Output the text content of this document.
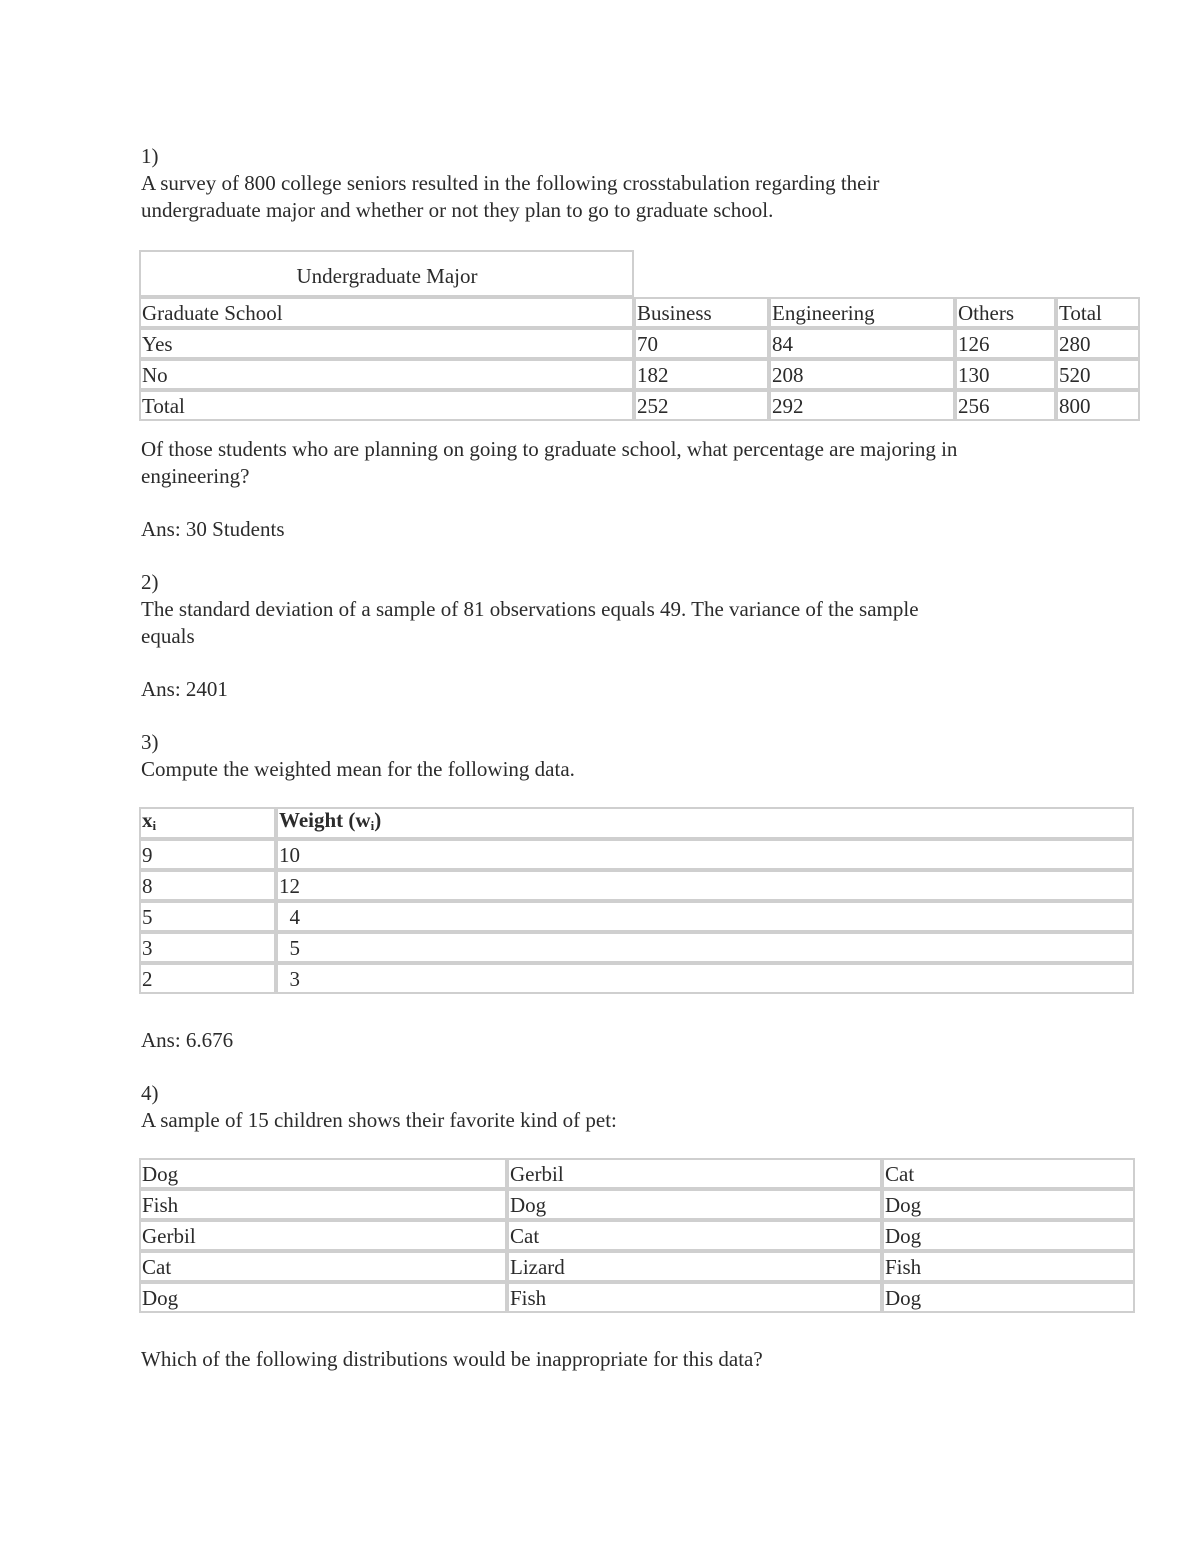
1)

A survey of 800 college seniors resulted in the following crosstabulation regarding their

undergraduate major and whether or not they plan to go to graduate school.

Undergraduate Major				
Graduate School	Business	Engineering	Others	Total
Yes	70	84	126	280
No	182	208	130	520
Total	252	292	256	800

Of those students who are planning on going to graduate school, what percentage are majoring in

engineering?

Ans: 30 Students

2)

The standard deviation of a sample of 81 observations equals 49. The variance of the sample

equals

Ans: 2401

3)

Compute the weighted mean for the following data.

$x_i$	Weight $(w_i)$
9	10
8	12
5	4
3	5
2	3

Ans: 6.676

4)

A sample of 15 children shows their favorite kind of pet:

Dog	Gerbil	Cat
Fish	Dog	Dog
Gerbil	Cat	Dog
Cat	Lizard	Fish
Dog	Fish	Dog

Which of the following distributions would be inappropriate for this data?
